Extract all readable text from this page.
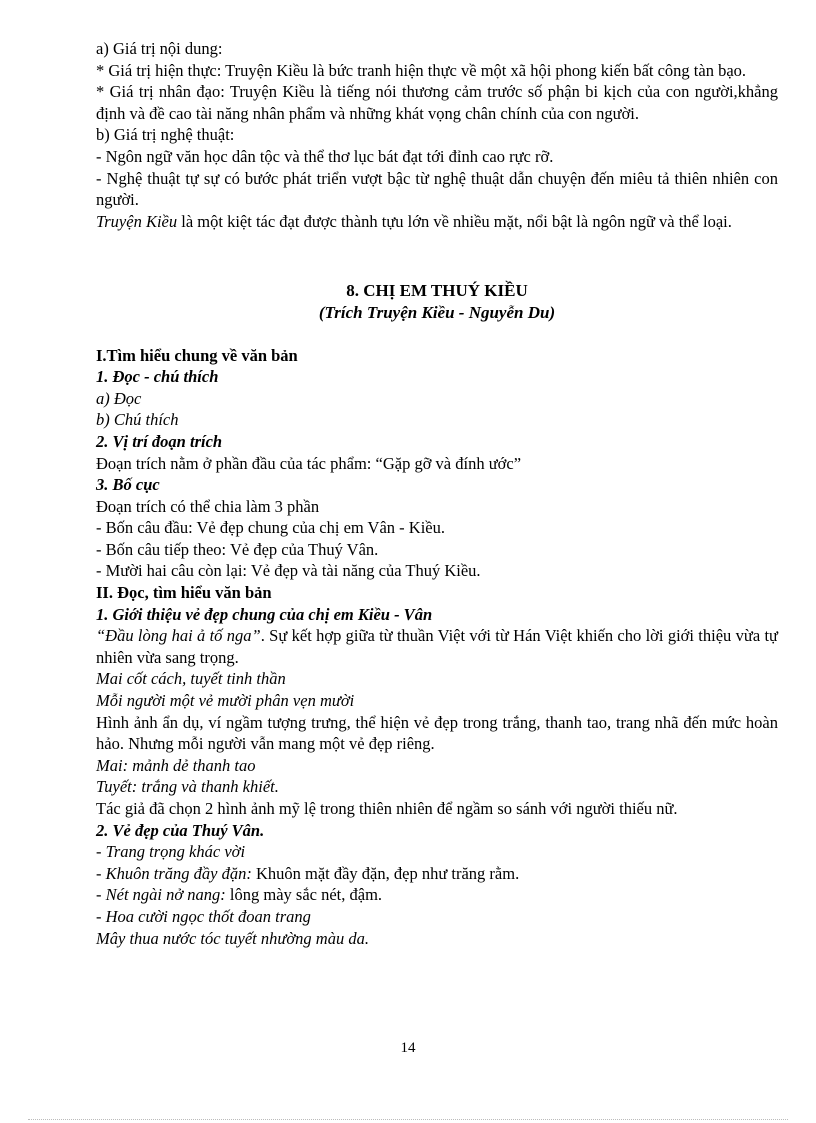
a) Giá trị nội dung:

* Giá trị hiện thực: Truyện Kiều là bức tranh hiện thực về một xã hội phong kiến bất công tàn bạo.

* Giá trị nhân đạo: Truyện Kiều là tiếng nói thương cảm trước số phận bi kịch của con người,khẳng định và đề cao tài năng nhân phẩm và những khát vọng chân chính của con người.

b) Giá trị nghệ thuật:

- Ngôn ngữ văn học dân tộc và thể thơ lục bát đạt tới đỉnh cao rực rỡ.

- Nghệ thuật tự sự có bước phát triển vượt bậc từ nghệ thuật dẫn chuyện đến miêu tả thiên nhiên con người.

Truyện Kiều là một kiệt tác đạt được thành tựu lớn về nhiều mặt, nổi bật là ngôn ngữ và thể loại.

8. CHỊ EM THUÝ KIỀU

(Trích Truyện Kiều - Nguyễn Du)

I.Tìm hiểu chung về văn bản

1. Đọc - chú thích

a) Đọc

b) Chú thích

2. Vị trí đoạn trích

Đoạn trích nằm ở phần đầu của tác phẩm: “Gặp gỡ và đính ước”

3. Bố cục

Đoạn trích có thể chia làm 3 phần

- Bốn câu đầu: Vẻ đẹp chung của chị em Vân - Kiều.

- Bốn câu tiếp theo: Vẻ đẹp của Thuý Vân.

- Mười hai câu còn lại: Vẻ đẹp và tài năng của Thuý Kiều.

II. Đọc, tìm hiểu văn bản

1. Giới thiệu vẻ đẹp chung của chị em Kiều - Vân

“Đầu lòng hai ả tố nga”. Sự kết hợp giữa từ thuần Việt với từ Hán Việt khiến cho lời giới thiệu vừa tự nhiên vừa sang trọng.

Mai cốt cách, tuyết tinh thần

Mỗi người một vẻ mười phân vẹn mười

Hình ảnh ẩn dụ, ví ngầm tượng trưng, thể hiện vẻ đẹp trong trắng, thanh tao, trang nhã đến mức hoàn hảo. Nhưng mỗi người vẫn mang một vẻ đẹp riêng.

Mai: mảnh dẻ thanh tao

Tuyết: trắng và thanh khiết.

Tác giả đã chọn 2 hình ảnh mỹ lệ trong thiên nhiên để ngầm so sánh với người thiếu nữ.

2. Vẻ đẹp của Thuý Vân.

- Trang trọng khác vời

- Khuôn trăng đầy đặn: Khuôn mặt đầy đặn, đẹp như trăng rằm.

- Nét ngài nở nang: lông mày sắc nét, đậm.

- Hoa cười ngọc thốt đoan trang

Mây thua nước tóc tuyết nhường màu da.

14
